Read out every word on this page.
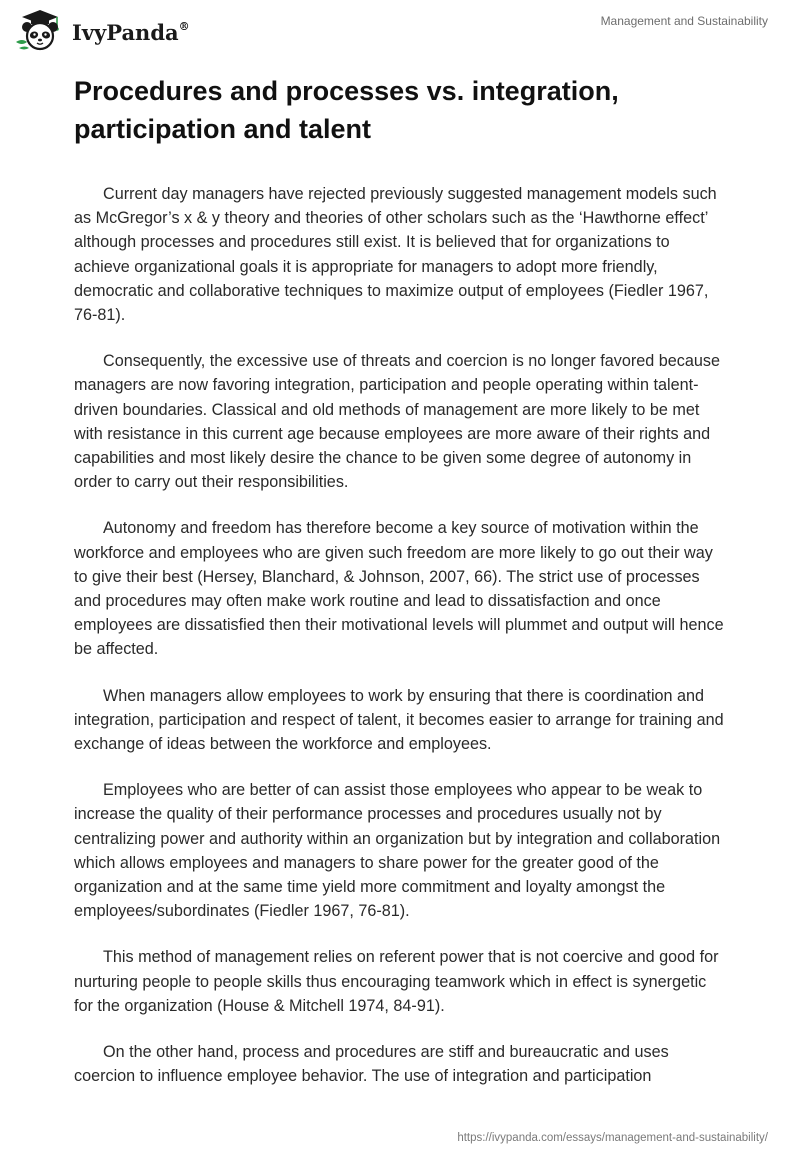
IvyPanda®	Management and Sustainability
Procedures and processes vs. integration, participation and talent

Current day managers have rejected previously suggested management models such as McGregor’s x & y theory and theories of other scholars such as the ‘Hawthorne effect’ although processes and procedures still exist. It is believed that for organizations to achieve organizational goals it is appropriate for managers to adopt more friendly, democratic and collaborative techniques to maximize output of employees (Fiedler 1967, 76-81).

Consequently, the excessive use of threats and coercion is no longer favored because managers are now favoring integration, participation and people operating within talent-driven boundaries. Classical and old methods of management are more likely to be met with resistance in this current age because employees are more aware of their rights and capabilities and most likely desire the chance to be given some degree of autonomy in order to carry out their responsibilities.

Autonomy and freedom has therefore become a key source of motivation within the workforce and employees who are given such freedom are more likely to go out their way to give their best (Hersey, Blanchard, & Johnson, 2007, 66). The strict use of processes and procedures may often make work routine and lead to dissatisfaction and once employees are dissatisfied then their motivational levels will plummet and output will hence be affected.

When managers allow employees to work by ensuring that there is coordination and integration, participation and respect of talent, it becomes easier to arrange for training and exchange of ideas between the workforce and employees.

Employees who are better of can assist those employees who appear to be weak to increase the quality of their performance processes and procedures usually not by centralizing power and authority within an organization but by integration and collaboration which allows employees and managers to share power for the greater good of the organization and at the same time yield more commitment and loyalty amongst the employees/subordinates (Fiedler 1967, 76-81).

This method of management relies on referent power that is not coercive and good for nurturing people to people skills thus encouraging teamwork which in effect is synergetic for the organization (House & Mitchell 1974, 84-91).

On the other hand, process and procedures are stiff and bureaucratic and uses coercion to influence employee behavior. The use of integration and participation

https://ivypanda.com/essays/management-and-sustainability/
